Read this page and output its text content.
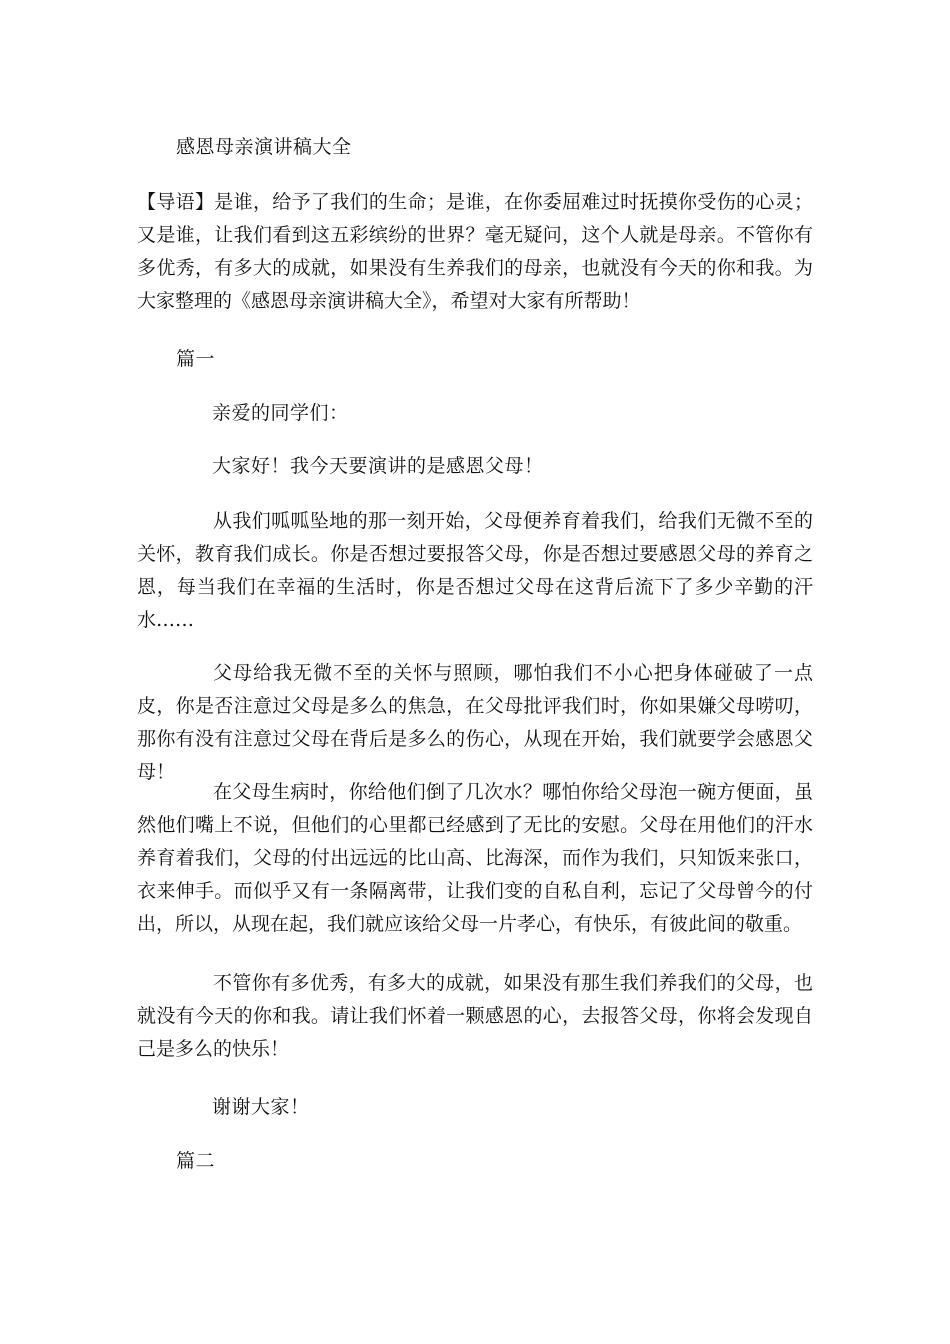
感恩母亲演讲稿大全

【导语】是谁，给予了我们的生命；是谁，在你委屈难过时抚摸你受伤的心灵；又是谁，让我们看到这五彩缤纷的世界？毫无疑问，这个人就是母亲。不管你有多优秀，有多大的成就，如果没有生养我们的母亲，也就没有今天的你和我。为大家整理的《感恩母亲演讲稿大全》，希望对大家有所帮助！

篇一
亲爱的同学们：
大家好！我今天要演讲的是感恩父母！

从我们呱呱坠地的那一刻开始，父母便养育着我们，给我们无微不至的关怀，教育我们成长。你是否想过要报答父母，你是否想过要感恩父母的养育之恩，每当我们在幸福的生活时，你是否想过父母在这背后流下了多少辛勤的汗水……

父母给我无微不至的关怀与照顾，哪怕我们不小心把身体碰破了一点皮，你是否注意过父母是多么的焦急，在父母批评我们时，你如果嫌父母唠叨，那你有没有注意过父母在背后是多么的伤心，从现在开始，我们就要学会感恩父母！

在父母生病时，你给他们倒了几次水？哪怕你给父母泡一碗方便面，虽然他们嘴上不说，但他们的心里都已经感到了无比的安慰。父母在用他们的汗水养育着我们，父母的付出远远的比山高、比海深，而作为我们，只知饭来张口，衣来伸手。而似乎又有一条隔离带，让我们变的自私自利，忘记了父母曾今的付出，所以，从现在起，我们就应该给父母一片孝心，有快乐，有彼此间的敬重。

不管你有多优秀，有多大的成就，如果没有那生我们养我们的父母，也就没有今天的你和我。请让我们怀着一颗感恩的心，去报答父母，你将会发现自己是多么的快乐！

谢谢大家！
篇二
